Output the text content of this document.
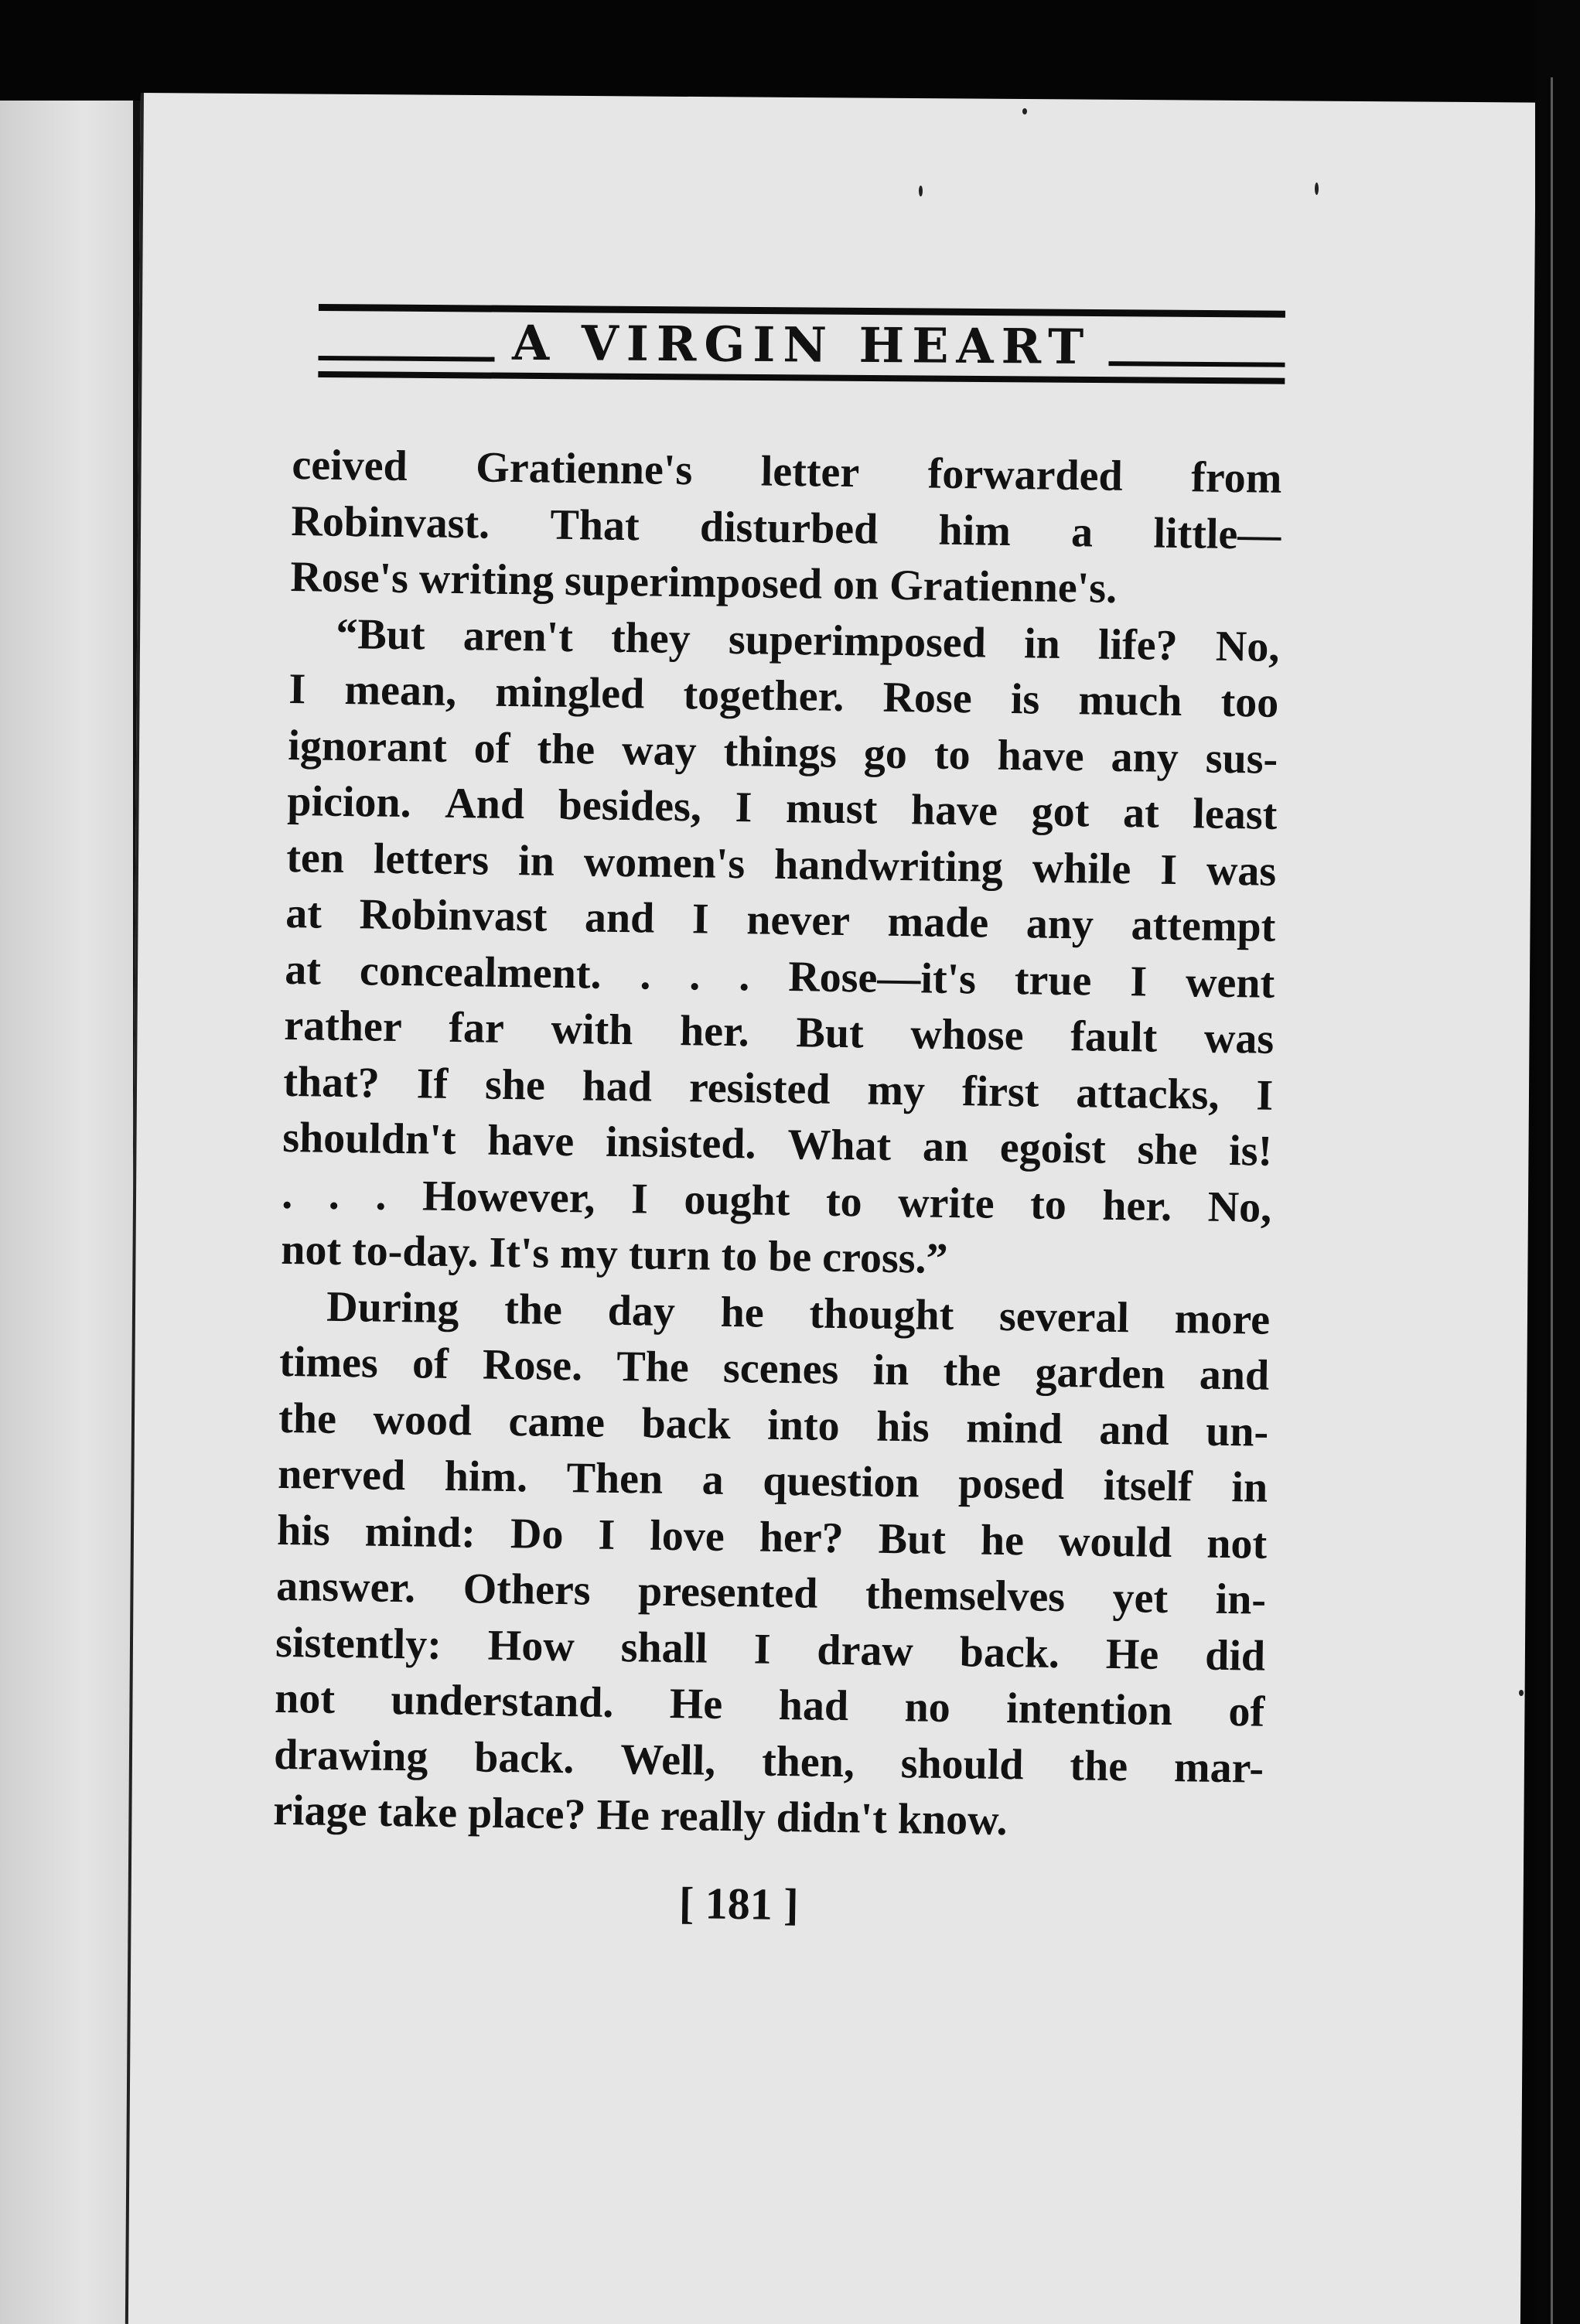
A VIRGIN HEART
ceived Gratienne's letter forwarded from
Robinvast. That disturbed him a little—
Rose's writing superimposed on Gratienne's.
“But aren't they superimposed in life? No,
I mean, mingled together. Rose is much too
ignorant of the way things go to have any sus-
picion. And besides, I must have got at least
ten letters in women's handwriting while I was
at Robinvast and I never made any attempt
at concealment. . . . Rose—it's true I went
rather far with her. But whose fault was
that? If she had resisted my first attacks, I
shouldn't have insisted. What an egoist she is!
. . . However, I ought to write to her. No,
not to-day. It's my turn to be cross.”
During the day he thought several more
times of Rose. The scenes in the garden and
the wood came back into his mind and un-
nerved him. Then a question posed itself in
his mind: Do I love her? But he would not
answer. Others presented themselves yet in-
sistently: How shall I draw back. He did
not understand. He had no intention of
drawing back. Well, then, should the mar-
riage take place? He really didn't know.
[ 181 ]
